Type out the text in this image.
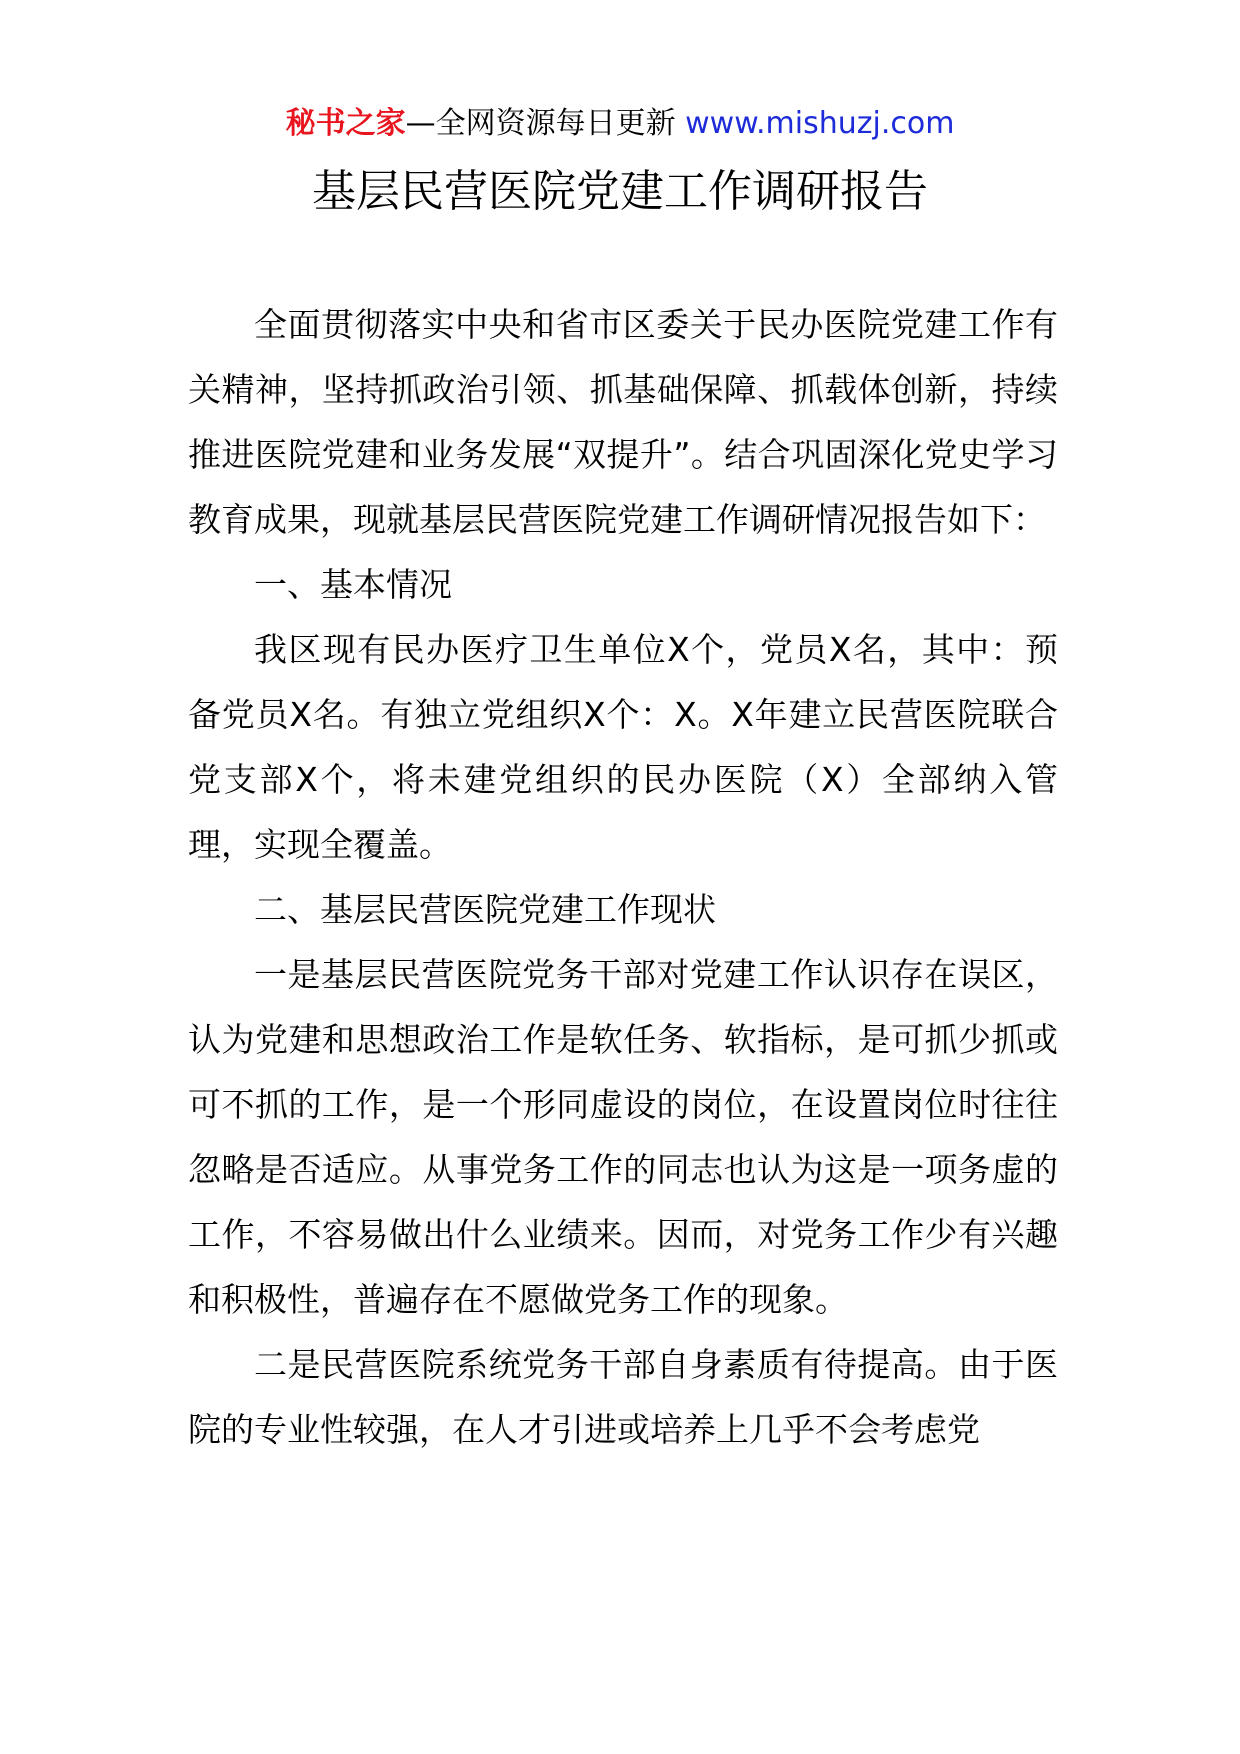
秘书之家—全网资源每日更新 www.mishuzj.com
基层民营医院党建工作调研报告

全面贯彻落实中央和省市区委关于民办医院党建工作有关精神，坚持抓政治引领、抓基础保障、抓载体创新，持续推进医院党建和业务发展“双提升”。结合巩固深化党史学习教育成果，现就基层民营医院党建工作调研情况报告如下：

一、基本情况

我区现有民办医疗卫生单位X个，党员X名，其中：预备党员X名。有独立党组织X个：X。X年建立民营医院联合党支部X个，将未建党组织的民办医院（X）全部纳入管理，实现全覆盖。

二、基层民营医院党建工作现状

一是基层民营医院党务干部对党建工作认识存在误区，认为党建和思想政治工作是软任务、软指标，是可抓少抓或可不抓的工作，是一个形同虚设的岗位，在设置岗位时往往忽略是否适应。从事党务工作的同志也认为这是一项务虚的工作，不容易做出什么业绩来。因而，对党务工作少有兴趣和积极性，普遍存在不愿做党务工作的现象。

二是民营医院系统党务干部自身素质有待提高。由于医院的专业性较强，在人才引进或培养上几乎不会考虑党
